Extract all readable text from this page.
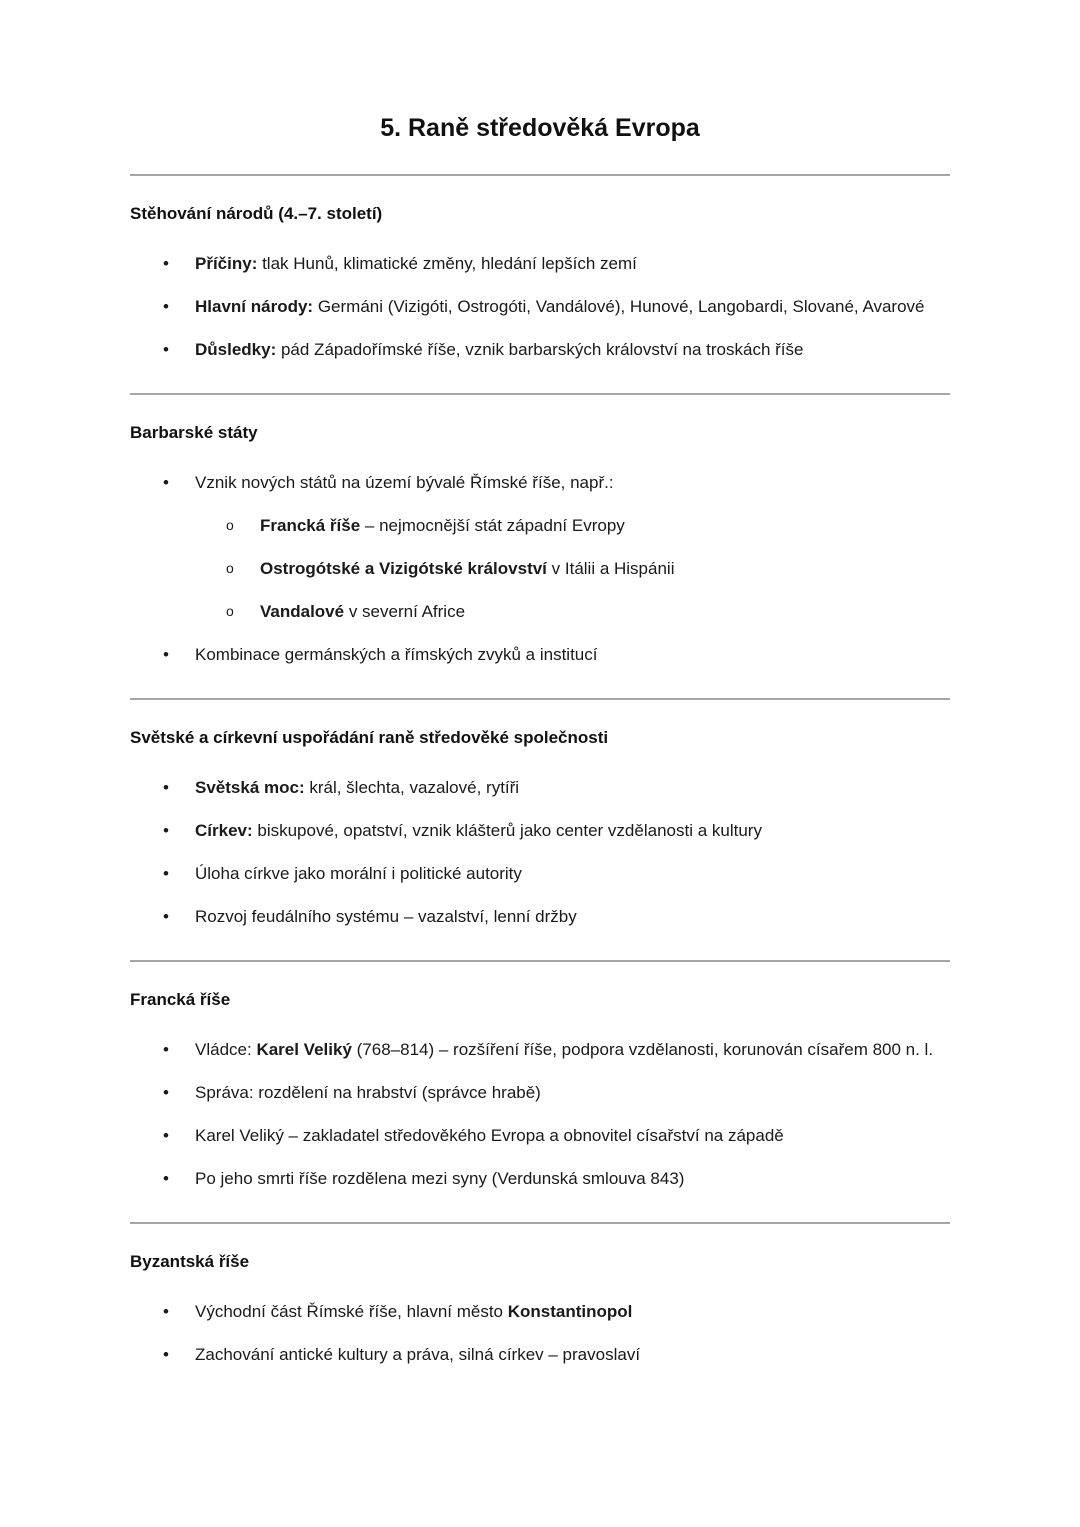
5. Raně středověká Evropa
Stěhování národů (4.–7. století)
•	Příčiny: tlak Hunů, klimatické změny, hledání lepších zemí
•	Hlavní národy: Germáni (Vizigóti, Ostrogóti, Vandálové), Hunové, Langobardi, Slované, Avarové
•	Důsledky: pád Západořímské říše, vznik barbarských království na troskách říše
Barbarské státy
•	Vznik nových států na území bývalé Římské říše, např.:
o	Francká říše – nejmocnější stát západní Evropy
o	Ostrogótské a Vizigótské království v Itálii a Hispánii
o	Vandalové v severní Africe
•	Kombinace germánských a římských zvyků a institucí
Světské a církevní uspořádání raně středověké společnosti
•	Světská moc: král, šlechta, vazalové, rytíři
•	Církev: biskupové, opatství, vznik klášterů jako center vzdělanosti a kultury
•	Úloha církve jako morální i politické autority
•	Rozvoj feudálního systému – vazalství, lenní držby
Francká říše
•	Vládce: Karel Veliký (768–814) – rozšíření říše, podpora vzdělanosti, korunován císařem 800 n. l.
•	Správa: rozdělení na hrabství (správce hrabě)
•	Karel Veliký – zakladatel středověkého Evropa a obnovitel císařství na západě
•	Po jeho smrti říše rozdělena mezi syny (Verdunská smlouva 843)
Byzantská říše
•	Východní část Římské říše, hlavní město Konstantinopol
•	Zachování antické kultury a práva, silná církev – pravoslaví
